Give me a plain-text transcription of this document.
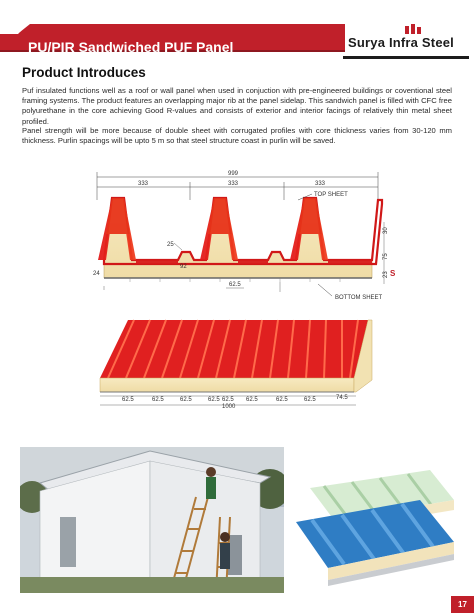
PU/PIR Sandwiched PUF Panel	Surya Infra Steel
Product Introduces

Puf insulated functions well as a roof or wall panel when used in conjuction with pre-engineered buildings or coventional steel framing systems. The product features an overlapping major rib at the panel sidelap. This sandwich panel is filled with CFC free polyurethane in the core achieving Good R-values and consists of exterior and interior facings of relatively thin metal sheet profiled.

Panel strength will be more because of double sheet with corrugated profiles with core thickness varies from 30-120 mm thickness. Purlin spacings will be upto 5 m so that steel structure coast in purlin will be saved.

999
333	333	333
TOP SHEET
BOTTOM SHEET
25
92
24
62.5
30
75
23 S
62.5	62.5	62.5	62.5 62.5 62.5	62.5	62.5	74.5
1000
17
